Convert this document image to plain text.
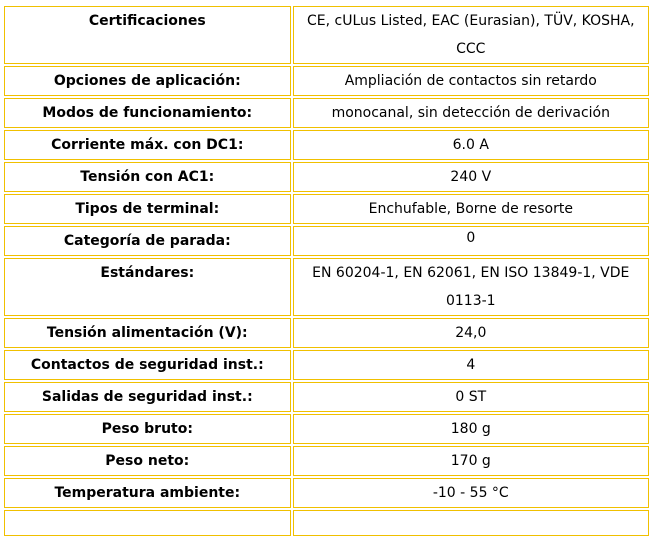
Certificaciones	CE, cULus Listed, EAC (Eurasian), TÜV, KOSHA, CCC
Opciones de aplicación:	Ampliación de contactos sin retardo
Modos de funcionamiento:	monocanal, sin detección de derivación
Corriente máx. con DC1:	6.0 A
Tensión con AC1:	240 V
Tipos de terminal:	Enchufable, Borne de resorte
Categoría de parada:	0
Estándares:	EN 60204-1, EN 62061, EN ISO 13849-1, VDE 0113-1
Tensión alimentación (V):	24,0
Contactos de seguridad inst.:	4
Salidas de seguridad inst.:	0 ST
Peso bruto:	180 g
Peso neto:	170 g
Temperatura ambiente:	-10 - 55 °C
